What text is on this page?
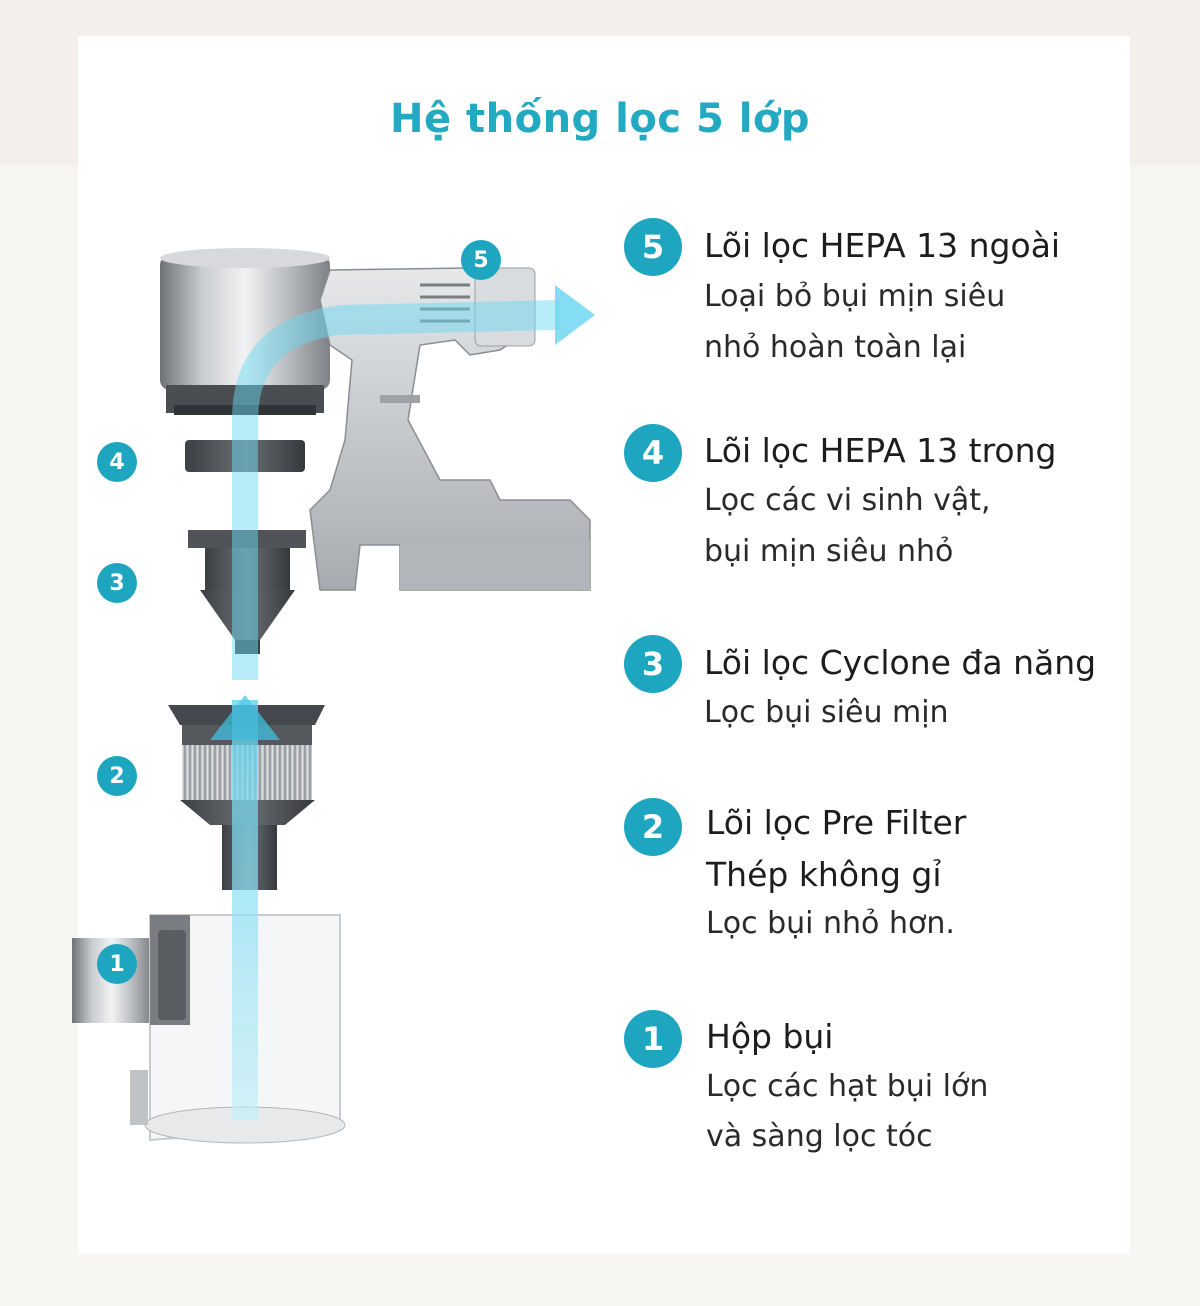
Hệ thống lọc 5 lớp
5
4
3
2
1
5	Lõi lọc HEPA 13 ngoài
Loại bỏ bụi mịn siêu
nhỏ hoàn toàn lại
4	Lõi lọc HEPA 13 trong
Lọc các vi sinh vật,
bụi mịn siêu nhỏ
3	Lõi lọc Cyclone đa năng
Lọc bụi siêu mịn
2	Lõi lọc Pre Filter
Thép không gỉ
Lọc bụi nhỏ hơn.
1	Hộp bụi
Lọc các hạt bụi lớn
và sàng lọc tóc
